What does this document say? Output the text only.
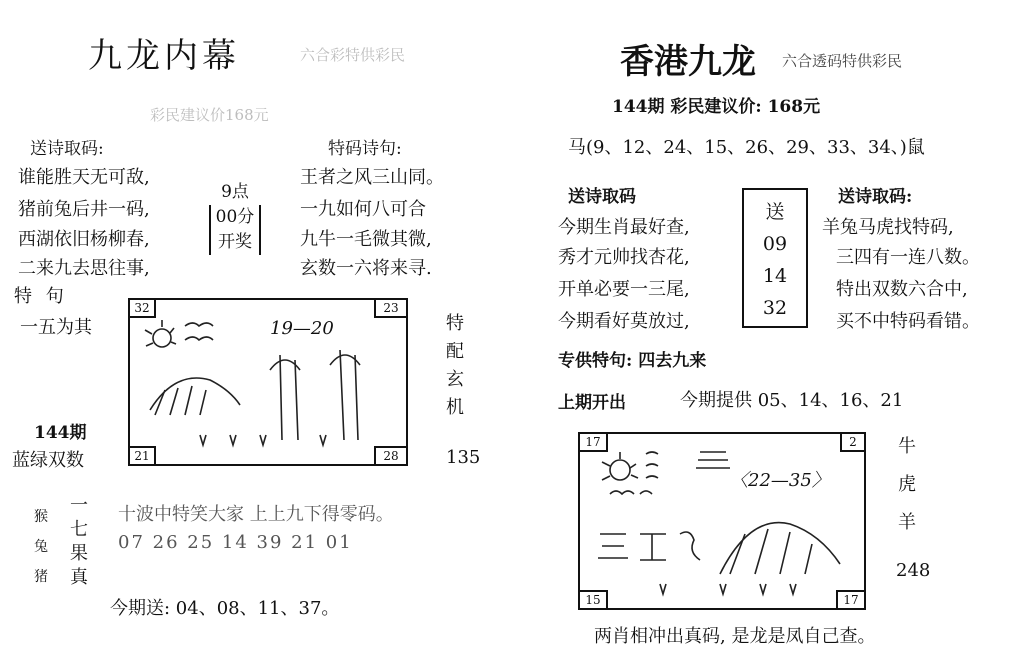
九龙内幕	六合彩特供彩民
彩民建议价168元
送诗取码:	特码诗句:
谁能胜天无可敌,
猪前兔后井一码,
西湖依旧杨柳春,
二来九去思往事,
王者之风三山同。
一九如何八可合
九牛一毛微其微,
玄数一六将来寻.
9点
00分
开奖
特 句
一五为其	19—20
32	23
21	28
特
配
玄
机
135
144期
蓝绿双数
猴
兔
猪
一
七
果
真
十波中特笑大家 上上九下得零码。
07 26 25 14 39 21 01
今期送: 04、08、11、37。
香港九龙 六合透码特供彩民
144期 彩民建议价: 168元
马(9、12、24、15、26、29、33、34、)鼠
送诗取码	送诗取码:
今期生肖最好查,
秀才元帅找杏花,
开单必要一三尾,
今期看好莫放过,
羊兔马虎找特码,
三四有一连八数。
特出双数六合中,
买不中特码看错。
送
09
14
32
专供特句: 四去九来
上期开出	今期提供 05、14、16、21
〈22—35〉
17	2
15	17
牛
虎
羊
248
两肖相冲出真码, 是龙是凤自己查。
